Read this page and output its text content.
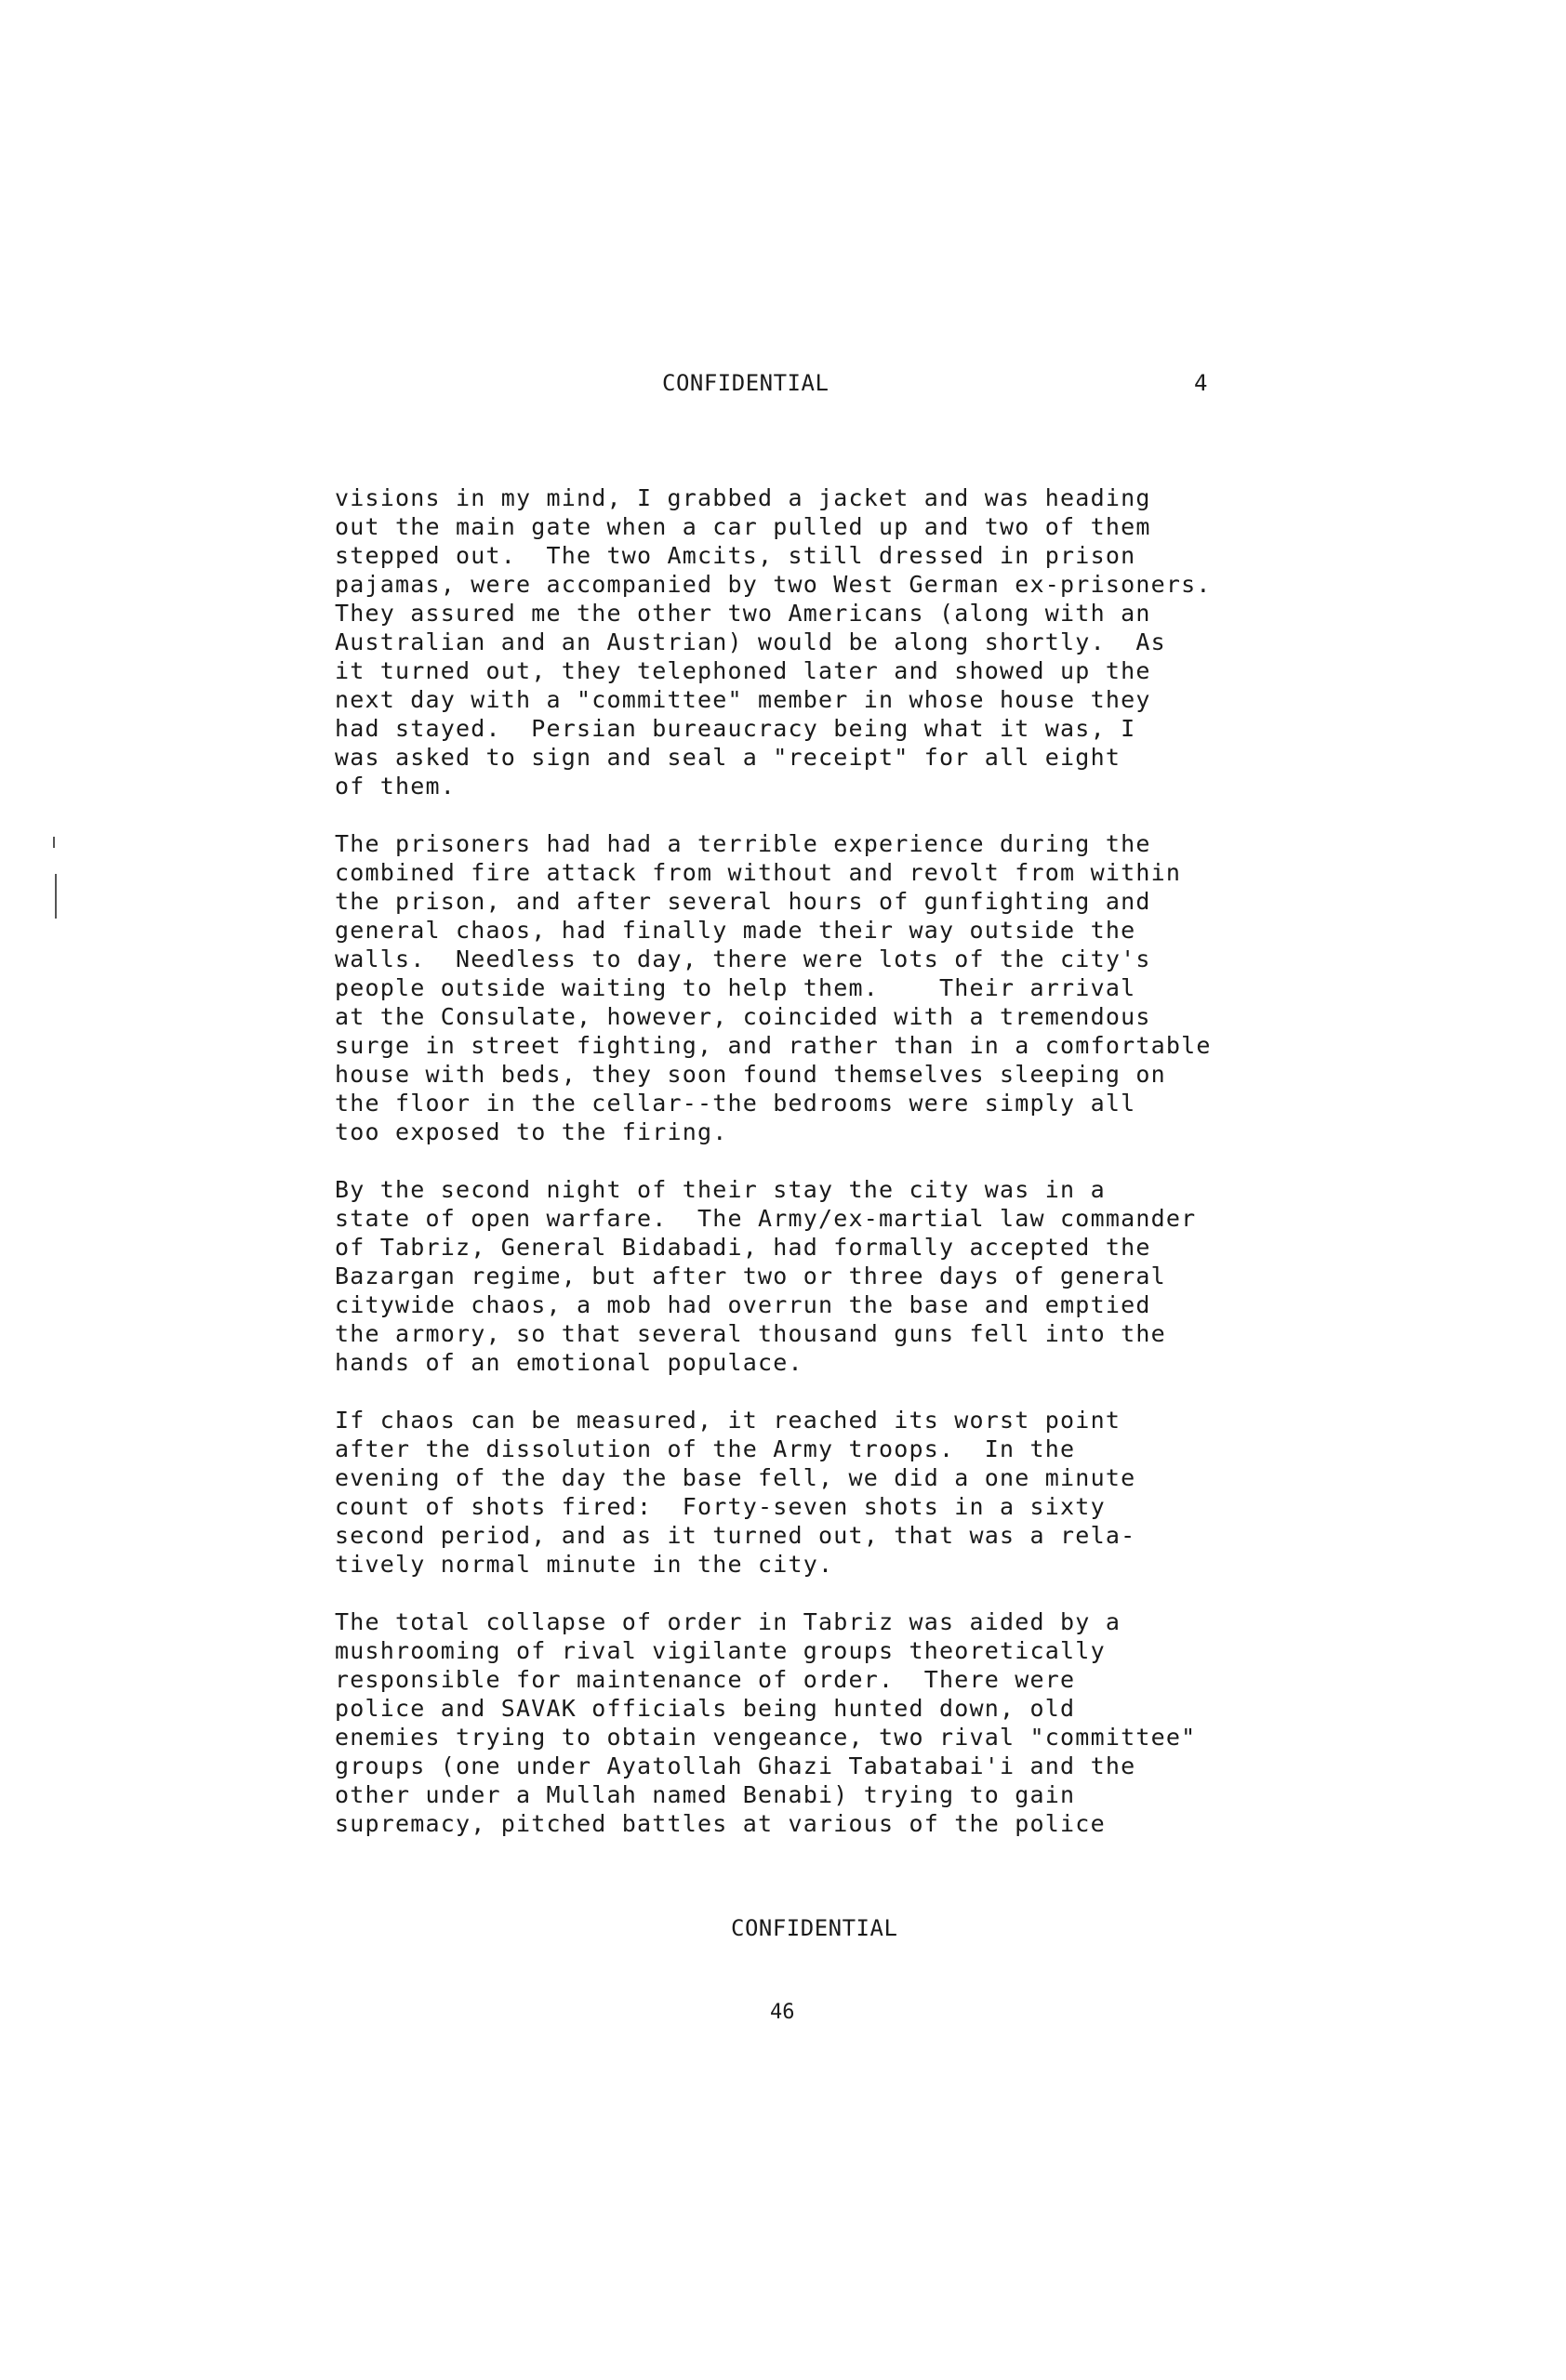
CONFIDENTIAL	4

visions in my mind, I grabbed a jacket and was heading
out the main gate when a car pulled up and two of them
stepped out.  The two Amcits, still dressed in prison
pajamas, were accompanied by two West German ex-prisoners.
They assured me the other two Americans (along with an
Australian and an Austrian) would be along shortly.  As
it turned out, they telephoned later and showed up the
next day with a "committee" member in whose house they
had stayed.  Persian bureaucracy being what it was, I
was asked to sign and seal a "receipt" for all eight
of them.

The prisoners had had a terrible experience during the
combined fire attack from without and revolt from within
the prison, and after several hours of gunfighting and
general chaos, had finally made their way outside the
walls.  Needless to day, there were lots of the city's
people outside waiting to help them.    Their arrival
at the Consulate, however, coincided with a tremendous
surge in street fighting, and rather than in a comfortable
house with beds, they soon found themselves sleeping on
the floor in the cellar--the bedrooms were simply all
too exposed to the firing.

By the second night of their stay the city was in a
state of open warfare.  The Army/ex-martial law commander
of Tabriz, General Bidabadi, had formally accepted the
Bazargan regime, but after two or three days of general
citywide chaos, a mob had overrun the base and emptied
the armory, so that several thousand guns fell into the
hands of an emotional populace.

If chaos can be measured, it reached its worst point
after the dissolution of the Army troops.  In the
evening of the day the base fell, we did a one minute
count of shots fired:  Forty-seven shots in a sixty
second period, and as it turned out, that was a rela-
tively normal minute in the city.

The total collapse of order in Tabriz was aided by a
mushrooming of rival vigilante groups theoretically
responsible for maintenance of order.  There were
police and SAVAK officials being hunted down, old
enemies trying to obtain vengeance, two rival "committee"
groups (one under Ayatollah Ghazi Tabatabai'i and the
other under a Mullah named Benabi) trying to gain
supremacy, pitched battles at various of the police

CONFIDENTIAL
46
